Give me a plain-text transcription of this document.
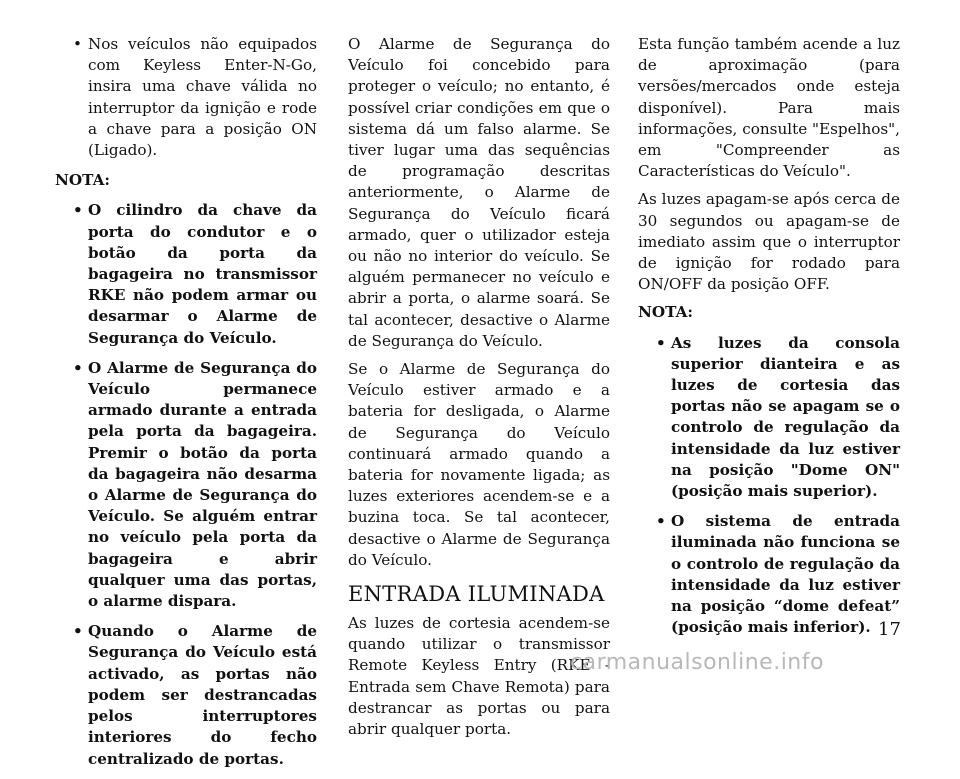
• Nos veículos não equipados com Keyless Enter-N-Go, insira uma chave válida no interruptor da ignição e rode a chave para a posição ON (Ligado).

NOTA:

• O cilindro da chave da porta do condutor e o botão da porta da bagageira no transmissor RKE não podem armar ou desarmar o Alarme de Segurança do Veículo.
• O Alarme de Segurança do Veículo permanece armado durante a entrada pela porta da bagageira. Premir o botão da porta da bagageira não desarma o Alarme de Segurança do Veículo. Se alguém entrar no veículo pela porta da bagageira e abrir qualquer uma das portas, o alarme dispara.
• Quando o Alarme de Segurança do Veículo está activado, as portas não podem ser destrancadas pelos interruptores interiores do fecho centralizado de portas.

O Alarme de Segurança do Veículo foi concebido para proteger o veículo; no entanto, é possível criar condições em que o sistema dá um falso alarme. Se tiver lugar uma das sequências de programação descritas anteriormente, o Alarme de Segurança do Veículo ficará armado, quer o utilizador esteja ou não no interior do veículo. Se alguém permanecer no veículo e abrir a porta, o alarme soará. Se tal acontecer, desactive o Alarme de Segurança do Veículo.

Se o Alarme de Segurança do Veículo estiver armado e a bateria for desligada, o Alarme de Segurança do Veículo continuará armado quando a bateria for novamente ligada; as luzes exteriores acendem-se e a buzina toca. Se tal acontecer, desactive o Alarme de Segurança do Veículo.

ENTRADA ILUMINADA

As luzes de cortesia acendem-se quando utilizar o transmissor Remote Keyless Entry (RKE - Entrada sem Chave Remota) para destrancar as portas ou para abrir qualquer porta.

Esta função também acende a luz de aproximação (para versões/mercados onde esteja disponível). Para mais informações, consulte "Espelhos", em "Compreender as Características do Veículo".

As luzes apagam-se após cerca de 30 segundos ou apagam-se de imediato assim que o interruptor de ignição for rodado para ON/OFF da posição OFF.

NOTA:

• As luzes da consola superior dianteira e as luzes de cortesia das portas não se apagam se o controlo de regulação da intensidade da luz estiver na posição "Dome ON" (posição mais superior).
• O sistema de entrada iluminada não funciona se o controlo de regulação da intensidade da luz estiver na posição “dome defeat” (posição mais inferior). 17
carmanualsonline.info
